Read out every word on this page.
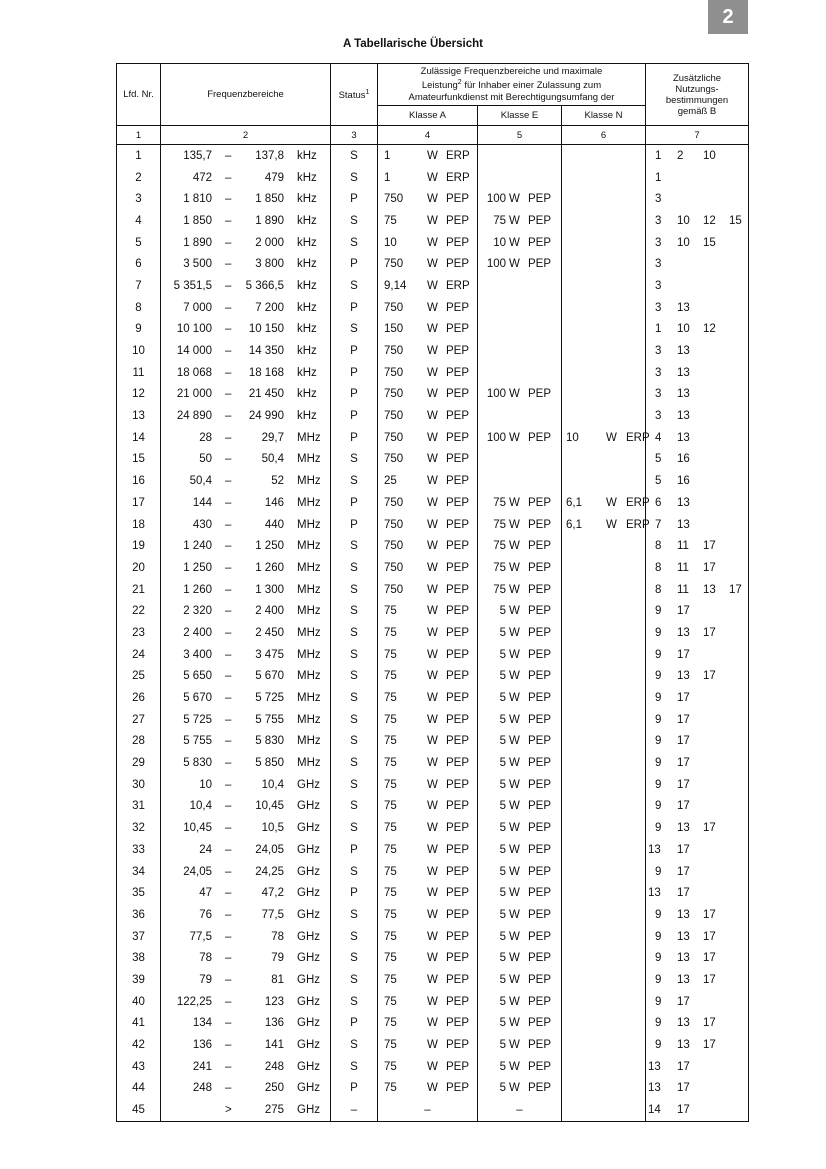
2
A Tabellarische Übersicht
Lfd. Nr.	Frequenzbereiche	Status$^1$	Zulässige Frequenzbereiche und maximale
Leistung$^2$ für Inhaber einer Zulassung zum
Amateurfunkdienst mit Berechtigungsumfang der			Zusätzliche Nutzungs- bestimmungen gemäß B
			Klasse A	Klasse E	Klasse N	
1	2	3	4	5	6	7
1	135,7 – 137,8 kHz	S	1 W ERP			1 2 10

2	472 – 479 kHz	S	1 W ERP			1

3	1 810 – 1 850 kHz	P	750 W PEP	100 W PEP		3

4	1 850 – 1 890 kHz	S	75 W PEP	75 W PEP		3 10 12 15

5	1 890 – 2 000 kHz	S	10 W PEP	10 W PEP		3 10 15

6	3 500 – 3 800 kHz	P	750 W PEP	100 W PEP		3

7	5 351,5 – 5 366,5 kHz	S	9,14 W ERP			3

8	7 000 – 7 200 kHz	P	750 W PEP			3 13

9	10 100 – 10 150 kHz	S	150 W PEP			1 10 12

10	14 000 – 14 350 kHz	P	750 W PEP			3 13

11	18 068 – 18 168 kHz	P	750 W PEP			3 13

12	21 000 – 21 450 kHz	P	750 W PEP	100 W PEP		3 13

13	24 890 – 24 990 kHz	P	750 W PEP			3 13

14	28 – 29,7 MHz	P	750 W PEP	100 W PEP	10 W ERP	4 13

15	50 – 50,4 MHz	S	750 W PEP			5 16

16	50,4 – 52 MHz	S	25 W PEP			5 16

17	144 – 146 MHz	P	750 W PEP	75 W PEP	6,1 W ERP	6 13

18	430 – 440 MHz	P	750 W PEP	75 W PEP	6,1 W ERP	7 13

19	1 240 – 1 250 MHz	S	750 W PEP	75 W PEP		8 11 17

20	1 250 – 1 260 MHz	S	750 W PEP	75 W PEP		8 11 17

21	1 260 – 1 300 MHz	S	750 W PEP	75 W PEP		8 11 13 17

22	2 320 – 2 400 MHz	S	75 W PEP	5 W PEP		9 17

23	2 400 – 2 450 MHz	S	75 W PEP	5 W PEP		9 13 17

24	3 400 – 3 475 MHz	S	75 W PEP	5 W PEP		9 17

25	5 650 – 5 670 MHz	S	75 W PEP	5 W PEP		9 13 17

26	5 670 – 5 725 MHz	S	75 W PEP	5 W PEP		9 17

27	5 725 – 5 755 MHz	S	75 W PEP	5 W PEP		9 17

28	5 755 – 5 830 MHz	S	75 W PEP	5 W PEP		9 17

29	5 830 – 5 850 MHz	S	75 W PEP	5 W PEP		9 17

30	10 – 10,4 GHz	S	75 W PEP	5 W PEP		9 17

31	10,4 – 10,45 GHz	S	75 W PEP	5 W PEP		9 17

32	10,45 – 10,5 GHz	S	75 W PEP	5 W PEP		9 13 17

33	24 – 24,05 GHz	P	75 W PEP	5 W PEP		13 17

34	24,05 – 24,25 GHz	S	75 W PEP	5 W PEP		9 17

35	47 – 47,2 GHz	P	75 W PEP	5 W PEP		13 17

36	76 – 77,5 GHz	S	75 W PEP	5 W PEP		9 13 17

37	77,5 – 78 GHz	S	75 W PEP	5 W PEP		9 13 17

38	78 – 79 GHz	S	75 W PEP	5 W PEP		9 13 17

39	79 – 81 GHz	S	75 W PEP	5 W PEP		9 13 17

40	122,25 – 123 GHz	S	75 W PEP	5 W PEP		9 17

41	134 – 136 GHz	P	75 W PEP	5 W PEP		9 13 17

42	136 – 141 GHz	S	75 W PEP	5 W PEP		9 13 17

43	241 – 248 GHz	S	75 W PEP	5 W PEP		13 17

44	248 – 250 GHz	P	75 W PEP	5 W PEP		13 17

45	> 275 GHz	–	–	–		14 17
